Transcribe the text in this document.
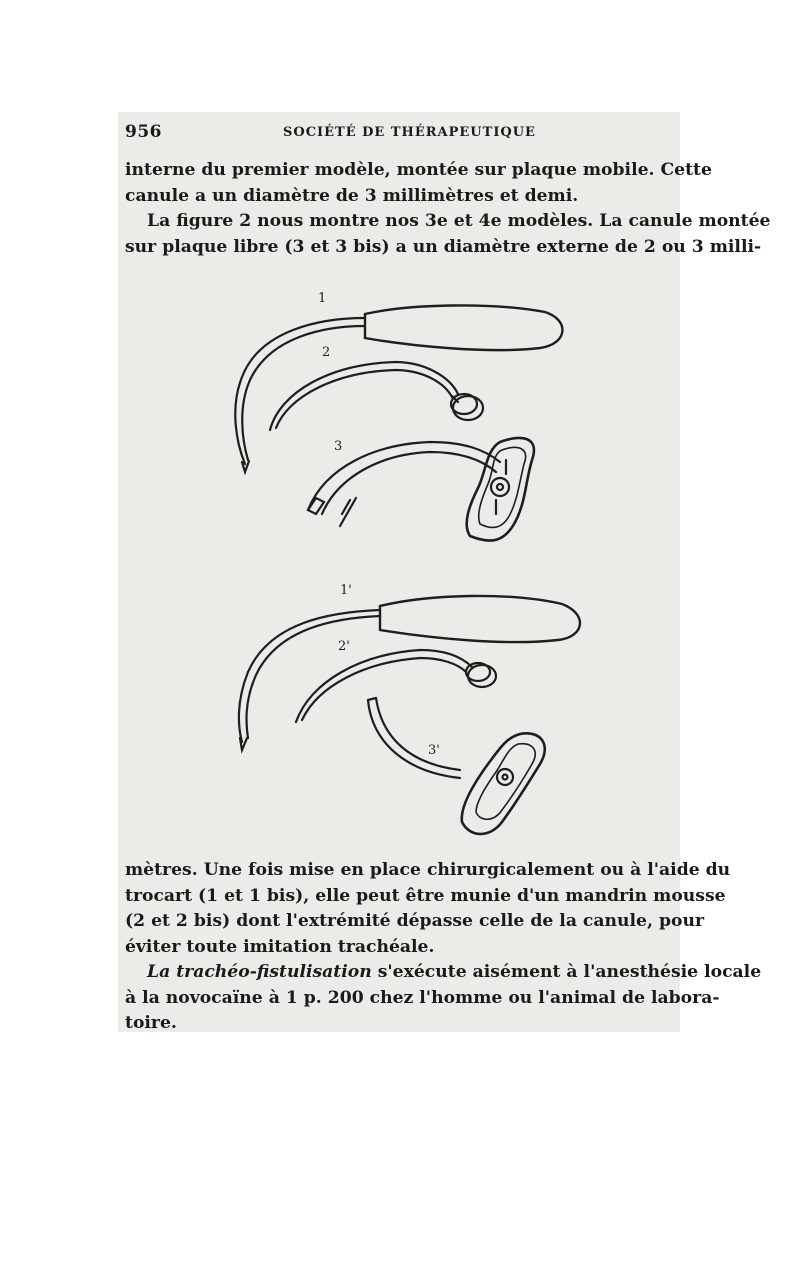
956	SOCIÉTÉ DE THÉRAPEUTIQUE
interne du premier modèle, montée sur plaque mobile. Cette
canule a un diamètre de 3 millimètres et demi.
La figure 2 nous montre nos 3e et 4e modèles. La canule montée
sur plaque libre (3 et 3 bis) a un diamètre externe de 2 ou 3 milli-
1
2
3
1'
2'
3'
mètres. Une fois mise en place chirurgicalement ou à l'aide du
trocart (1 et 1 bis), elle peut être munie d'un mandrin mousse
(2 et 2 bis) dont l'extrémité dépasse celle de la canule, pour
éviter toute imitation trachéale.
La trachéo-fistulisation s'exécute aisément à l'anesthésie locale
à la novocaïne à 1 p. 200 chez l'homme ou l'animal de labora-
toire.
